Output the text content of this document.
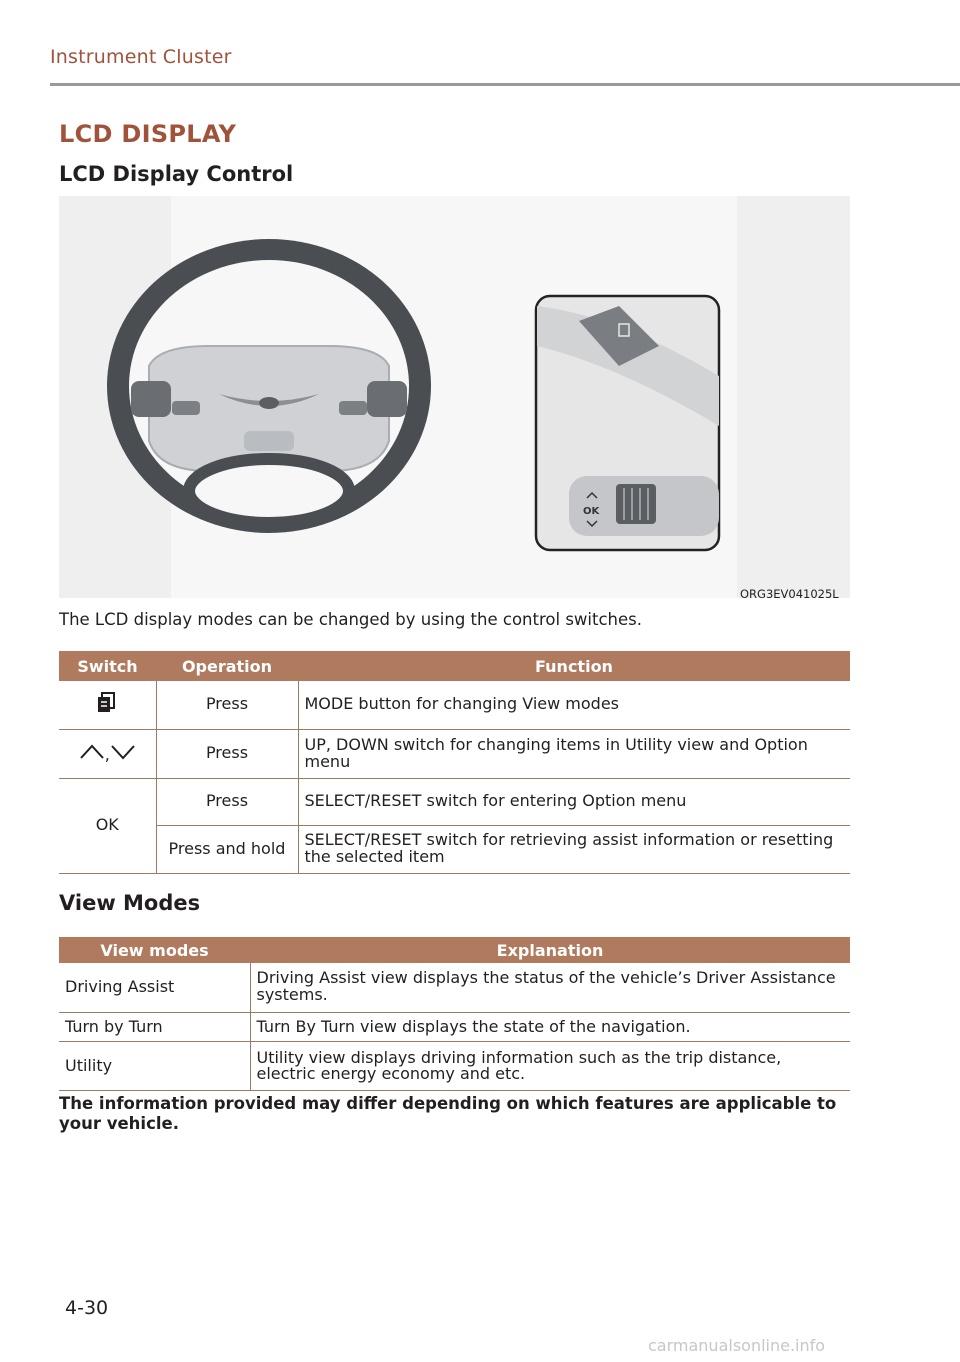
Instrument Cluster
LCD DISPLAY
LCD Display Control
OK
ORG3EV041025L
The LCD display modes can be changed by using the control switches.
Switch	Operation	Function
	Press	MODE button for changing View modes
,	Press	UP, DOWN switch for changing items in Utility view and Option menu
OK	Press	SELECT/RESET switch for entering Option menu
	Press and hold	SELECT/RESET switch for retrieving assist information or resetting the selected item
View Modes
View modes	Explanation
Driving Assist	Driving Assist view displays the status of the vehicle’s Driver Assistance systems.
Turn by Turn	Turn By Turn view displays the state of the navigation.
Utility	Utility view displays driving information such as the trip distance, electric energy economy and etc.
The information provided may differ depending on which features are applicable to your vehicle.
4-30
carmanualsonline.info
